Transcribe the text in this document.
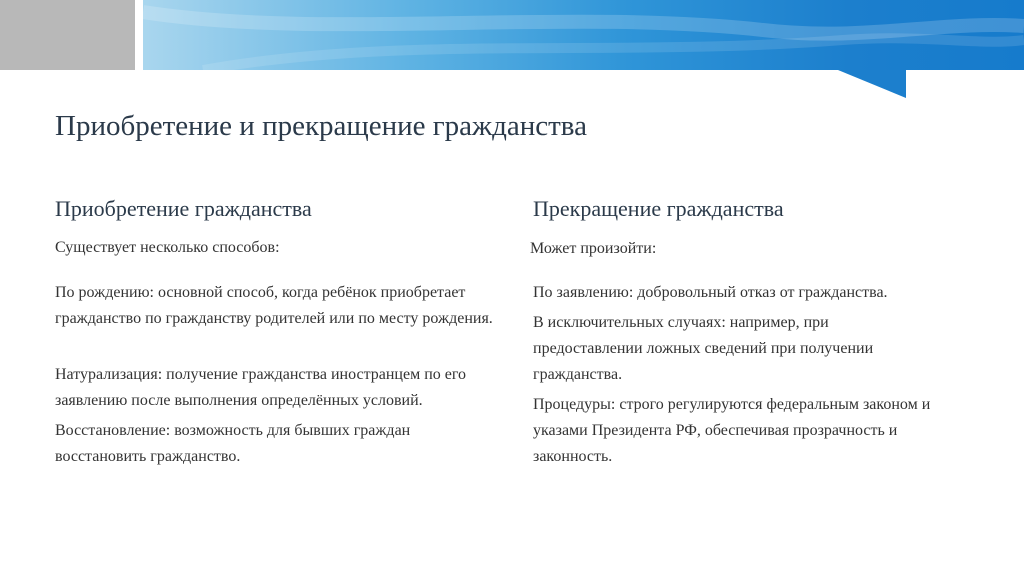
Приобретение и прекращение гражданства
Приобретение гражданства
Существует несколько способов:
По рождению: основной способ, когда ребёнок приобретает гражданство по гражданству родителей или по месту рождения.
Натурализация: получение гражданства иностранцем по его заявлению после выполнения определённых условий.
Восстановление: возможность для бывших граждан восстановить гражданство.
Прекращение гражданства
Может произойти:
По заявлению: добровольный отказ от гражданства.
В исключительных случаях: например, при предоставлении ложных сведений при получении гражданства.
Процедуры: строго регулируются федеральным законом и указами Президента РФ, обеспечивая прозрачность и законность.
